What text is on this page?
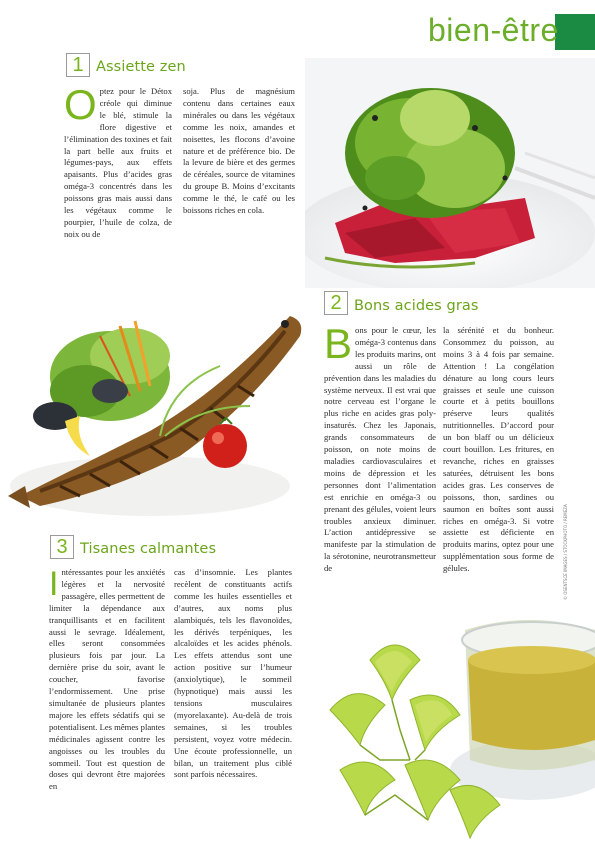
bien-être
1 Assiette zen
O ptez pour le Détox créole qui diminue le blé, stimule la flore digestive et l’élimination des toxines et fait la part belle aux fruits et légumes-pays, aux effets apaisants. Plus d’acides gras oméga-3 concentrés dans les poissons gras mais aussi dans les végétaux comme le pourpier, l’huile de colza, de noix ou de

soja. Plus de magnésium contenu dans certaines eaux minérales ou dans les végétaux comme les noix, amandes et noisettes, les flocons d’avoine nature et de préférence bio. De la levure de bière et des germes de céréales, source de vitamines du groupe B. Moins d’excitants comme le thé, le café ou les boissons riches en cola.

2 Bons acides gras
B ons pour le cœur, les oméga-3 contenus dans les produits marins, ont aussi un rôle de prévention dans les maladies du système nerveux. Il est vrai que notre cerveau est l’organe le plus riche en acides gras poly-insaturés. Chez les Japonais, grands consommateurs de poisson, on note moins de maladies cardiovasculaires et moins de dépression et les personnes dont l’alimentation est enrichie en oméga-3 ou prenant des gélules, voient leurs troubles anxieux diminuer. L’action antidépressive se manifeste par la stimulation de la sérotonine, neurotransmetteur de

la sérénité et du bonheur. Consommez du poisson, au moins 3 à 4 fois par semaine. Attention ! La congélation dénature au long cours leurs graisses et seule une cuisson courte et à petits bouillons préserve leurs qualités nutritionnelles. D’accord pour un bon blaff ou un délicieux court bouillon. Les fritures, en revanche, riches en graisses saturées, détruisent les bons acides gras. Les conserves de poissons, thon, sardines ou saumon en boîtes sont aussi riches en oméga-3. Si votre assiette est déficiente en produits marins, optez pour une supplémentation sous forme de gélules.	© OSENTSCE IMAGES / STOCKPHOTO / REMEZA
3 Tisanes calmantes
I ntéressantes pour les anxiétés légères et la nervosité passagère, elles permettent de limiter la dépendance aux tranquillisants et en facilitent aussi le sevrage. Idéalement, elles seront consommées plusieurs fois par jour. La dernière prise du soir, avant le coucher, favorise l’endormissement. Une prise simultanée de plusieurs plantes majore les effets sédatifs qui se potentialisent. Les mêmes plantes médicinales agissent contre les angoisses ou les troubles du sommeil. Tout est question de doses qui devront être majorées en

cas d’insomnie. Les plantes recèlent de constituants actifs comme les huiles essentielles et d’autres, aux noms plus alambiqués, tels les flavonoïdes, les dérivés terpéniques, les alcaloïdes et les acides phénols. Les effets attendus sont une action positive sur l’humeur (anxiolytique), le sommeil (hypnotique) mais aussi les tensions musculaires (myorelaxante). Au-delà de trois semaines, si les troubles persistent, voyez votre médecin. Une écoute professionnelle, un bilan, un traitement plus ciblé sont parfois nécessaires.
